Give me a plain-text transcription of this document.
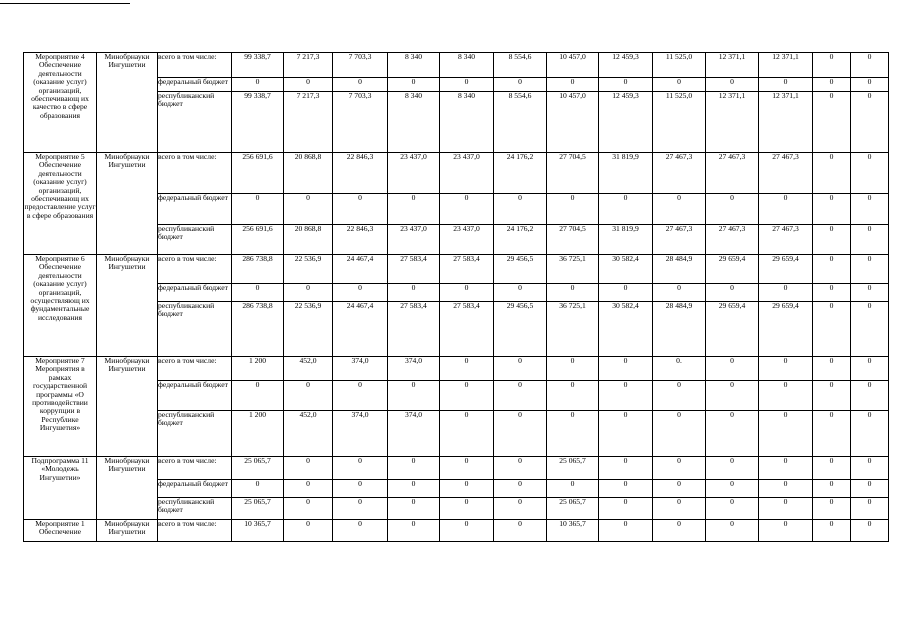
Мероприятие 4 Обеспечение деятельности (оказание услуг) организаций, обеспечивающ их качество в сфере образования	Минобрнауки Ингушетии	всего в том числе:	99 338,7	7 217,3	7 703,3	8 340	8 340	8 554,6	10 457,0	12 459,3	11 525,0	12 371,1	12 371,1	0	0
		федеральный бюджет	0	0	0	0	0	0	0	0	0	0	0	0	0
		республиканский бюджет	99 338,7	7 217,3	7 703,3	8 340	8 340	8 554,6	10 457,0	12 459,3	11 525,0	12 371,1	12 371,1	0	0
Мероприятие 5 Обеспечение деятельности (оказание услуг) организаций, обеспечивающ их предоставление услуг в сфере образования	Минобрнауки Ингушетии	всего в том числе:	256 691,6	20 868,8	22 846,3	23 437,0	23 437,0	24 176,2	27 704,5	31 819,9	27 467,3	27 467,3	27 467,3	0	0
		федеральный бюджет	0	0	0	0	0	0	0	0	0	0	0	0	0
		республиканский бюджет	256 691,6	20 868,8	22 846,3	23 437,0	23 437,0	24 176,2	27 704,5	31 819,9	27 467,3	27 467,3	27 467,3	0	0
Мероприятие 6 Обеспечение деятельности (оказание услуг) организаций, осуществляющ их фундаментальные исследования	Минобрнауки Ингушетии	всего в том числе:	286 738,8	22 536,9	24 467,4	27 583,4	27 583,4	29 456,5	36 725,1	30 582,4	28 484,9	29 659,4	29 659,4	0	0
		федеральный бюджет	0	0	0	0	0	0	0	0	0	0	0	0	0
		республиканский бюджет	286 738,8	22 536,9	24 467,4	27 583,4	27 583,4	29 456,5	36 725,1	30 582,4	28 484,9	29 659,4	29 659,4	0	0
Мероприятие 7 Мероприятия в рамках государственной программы «О противодействии коррупции в Республике Ингушетия»	Минобрнауки Ингушетии	всего в том числе:	1 200	452,0	374,0	374,0	0	0	0	0	0.	0	0	0	0
		федеральный бюджет	0	0	0	0	0	0	0	0	0	0	0	0	0
		республиканский бюджет	1 200	452,0	374,0	374,0	0	0	0	0	0	0	0	0	0
Подпрограмма 11 «Молодежь Ингушетии»	Минобрнауки Ингушетии	всего в том числе:	25 065,7	0	0	0	0	0	25 065,7	0	0	0	0	0	0
		федеральный бюджет	0	0	0	0	0	0	0	0	0	0	0	0	0
		республиканский бюджет	25 065,7	0	0	0	0	0	25 065,7	0	0	0	0	0	0
Мероприятие 1 Обеспечение	Минобрнауки Ингушетии	всего в том числе:	10 365,7	0	0	0	0	0	10 365,7	0	0	0	0	0	0
